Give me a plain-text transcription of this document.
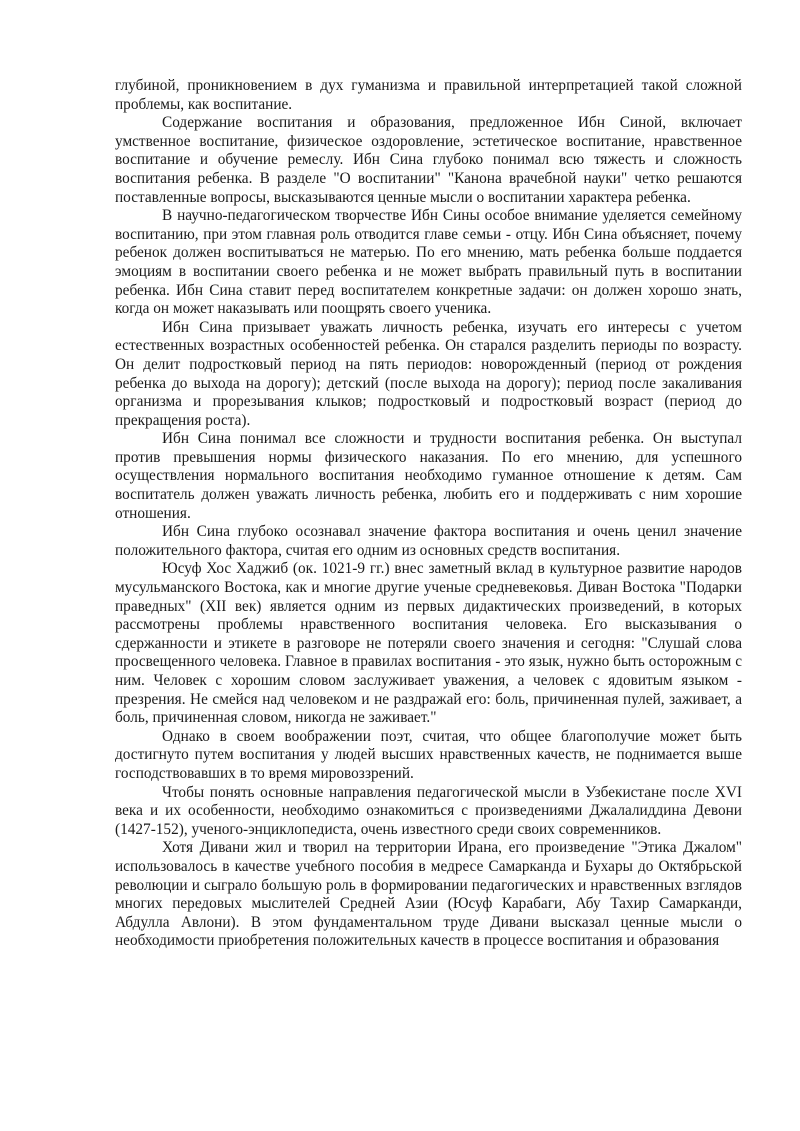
глубиной, проникновением в дух гуманизма и правильной интерпретацией такой сложной проблемы, как воспитание.

Содержание воспитания и образования, предложенное Ибн Синой, включает умственное воспитание, физическое оздоровление, эстетическое воспитание, нравственное воспитание и обучение ремеслу. Ибн Сина глубоко понимал всю тяжесть и сложность воспитания ребенка. В разделе "О воспитании" "Канона врачебной науки" четко решаются поставленные вопросы, высказываются ценные мысли о воспитании характера ребенка.

В научно-педагогическом творчестве Ибн Сины особое внимание уделяется семейному воспитанию, при этом главная роль отводится главе семьи - отцу. Ибн Сина объясняет, почему ребенок должен воспитываться не матерью. По его мнению, мать ребенка больше поддается эмоциям в воспитании своего ребенка и не может выбрать правильный путь в воспитании ребенка. Ибн Сина ставит перед воспитателем конкретные задачи: он должен хорошо знать, когда он может наказывать или поощрять своего ученика.

Ибн Сина призывает уважать личность ребенка, изучать его интересы с учетом естественных возрастных особенностей ребенка. Он старался разделить периоды по возрасту. Он делит подростковый период на пять периодов: новорожденный (период от рождения ребенка до выхода на дорогу); детский (после выхода на дорогу); период после закаливания организма и прорезывания клыков; подростковый и подростковый возраст (период до прекращения роста).

Ибн Сина понимал все сложности и трудности воспитания ребенка. Он выступал против превышения нормы физического наказания. По его мнению, для успешного осуществления нормального воспитания необходимо гуманное отношение к детям. Сам воспитатель должен уважать личность ребенка, любить его и поддерживать с ним хорошие отношения.

Ибн Сина глубоко осознавал значение фактора воспитания и очень ценил значение положительного фактора, считая его одним из основных средств воспитания.

Юсуф Хос Хаджиб (ок. 1021-9 гг.) внес заметный вклад в культурное развитие народов мусульманского Востока, как и многие другие ученые средневековья. Диван Востока "Подарки праведных" (XII век) является одним из первых дидактических произведений, в которых рассмотрены проблемы нравственного воспитания человека. Его высказывания о сдержанности и этикете в разговоре не потеряли своего значения и сегодня: "Слушай слова просвещенного человека. Главное в правилах воспитания - это язык, нужно быть осторожным с ним. Человек с хорошим словом заслуживает уважения, а человек с ядовитым языком - презрения. Не смейся над человеком и не раздражай его: боль, причиненная пулей, заживает, а боль, причиненная словом, никогда не заживает."

Однако в своем воображении поэт, считая, что общее благополучие может быть достигнуто путем воспитания у людей высших нравственных качеств, не поднимается выше господствовавших в то время мировоззрений.

Чтобы понять основные направления педагогической мысли в Узбекистане после XVI века и их особенности, необходимо ознакомиться с произведениями Джалалиддина Девони (1427-152), ученого-энциклопедиста, очень известного среди своих современников.

Хотя Дивани жил и творил на территории Ирана, его произведение "Этика Джалом" использовалось в качестве учебного пособия в медресе Самарканда и Бухары до Октябрьской революции и сыграло большую роль в формировании педагогических и нравственных взглядов многих передовых мыслителей Средней Азии (Юсуф Карабаги, Абу Тахир Самарканди, Абдулла Авлони). В этом фундаментальном труде Дивани высказал ценные мысли о необходимости приобретения положительных качеств в процессе воспитания и образования
